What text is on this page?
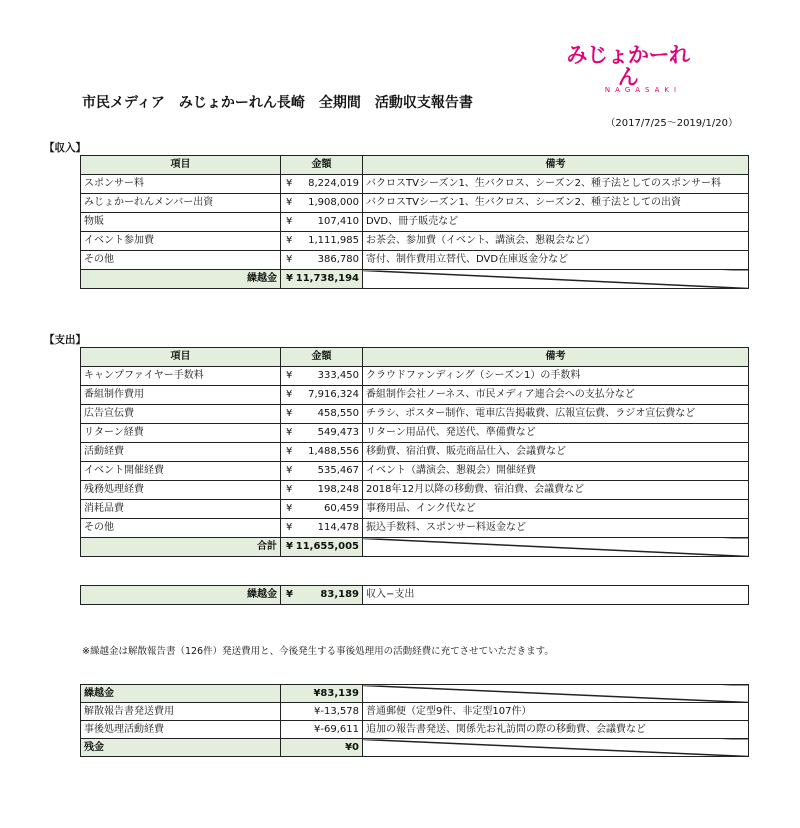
みじょかーれん
NAGASAKI
市民メディア　みじょかーれん長崎　全期間　活動収支報告書
（2017/7/25～2019/1/20）
【収入】
項目	金額	備考
スポンサー料	¥ 8,224,019	バクロスTVシーズン1、生バクロス、シーズン2、種子法としてのスポンサー料
みじょかーれんメンバー出資	¥ 1,908,000	バクロスTVシーズン1、生バクロス、シーズン2、種子法としての出資
物販	¥ 107,410	DVD、冊子販売など
イベント参加費	¥ 1,111,985	お茶会、参加費（イベント、講演会、懇親会など）
その他	¥ 386,780	寄付、制作費用立替代、DVD在庫返金分など
繰越金	¥ 11,738,194	
【支出】
項目	金額	備考
キャンプファイヤー手数料	¥ 333,450	クラウドファンディング（シーズン1）の手数料
番組制作費用	¥ 7,916,324	番組制作会社ノーネス、市民メディア連合会への支払分など
広告宣伝費	¥ 458,550	チラシ、ポスター制作、電車広告掲載費、広報宣伝費、ラジオ宣伝費など
リターン経費	¥ 549,473	リターン用品代、発送代、準備費など
活動経費	¥ 1,488,556	移動費、宿泊費、販売商品仕入、会議費など
イベント開催経費	¥ 535,467	イベント（講演会、懇親会）開催経費
残務処理経費	¥ 198,248	2018年12月以降の移動費、宿泊費、会議費など
消耗品費	¥ 60,459	事務用品、インク代など
その他	¥ 114,478	振込手数料、スポンサー料返金など
合計	¥ 11,655,005	
繰越金	¥	83,189	収入−支出
※繰越金は解散報告書（126件）発送費用と、今後発生する事後処理用の活動経費に充てさせていただきます。
繰越金	¥83,139	
解散報告書発送費用	¥-13,578	普通郵便（定型9件、非定型107件）
事後処理活動経費	¥-69,611	追加の報告書発送、関係先お礼訪問の際の移動費、会議費など
残金	¥0	
